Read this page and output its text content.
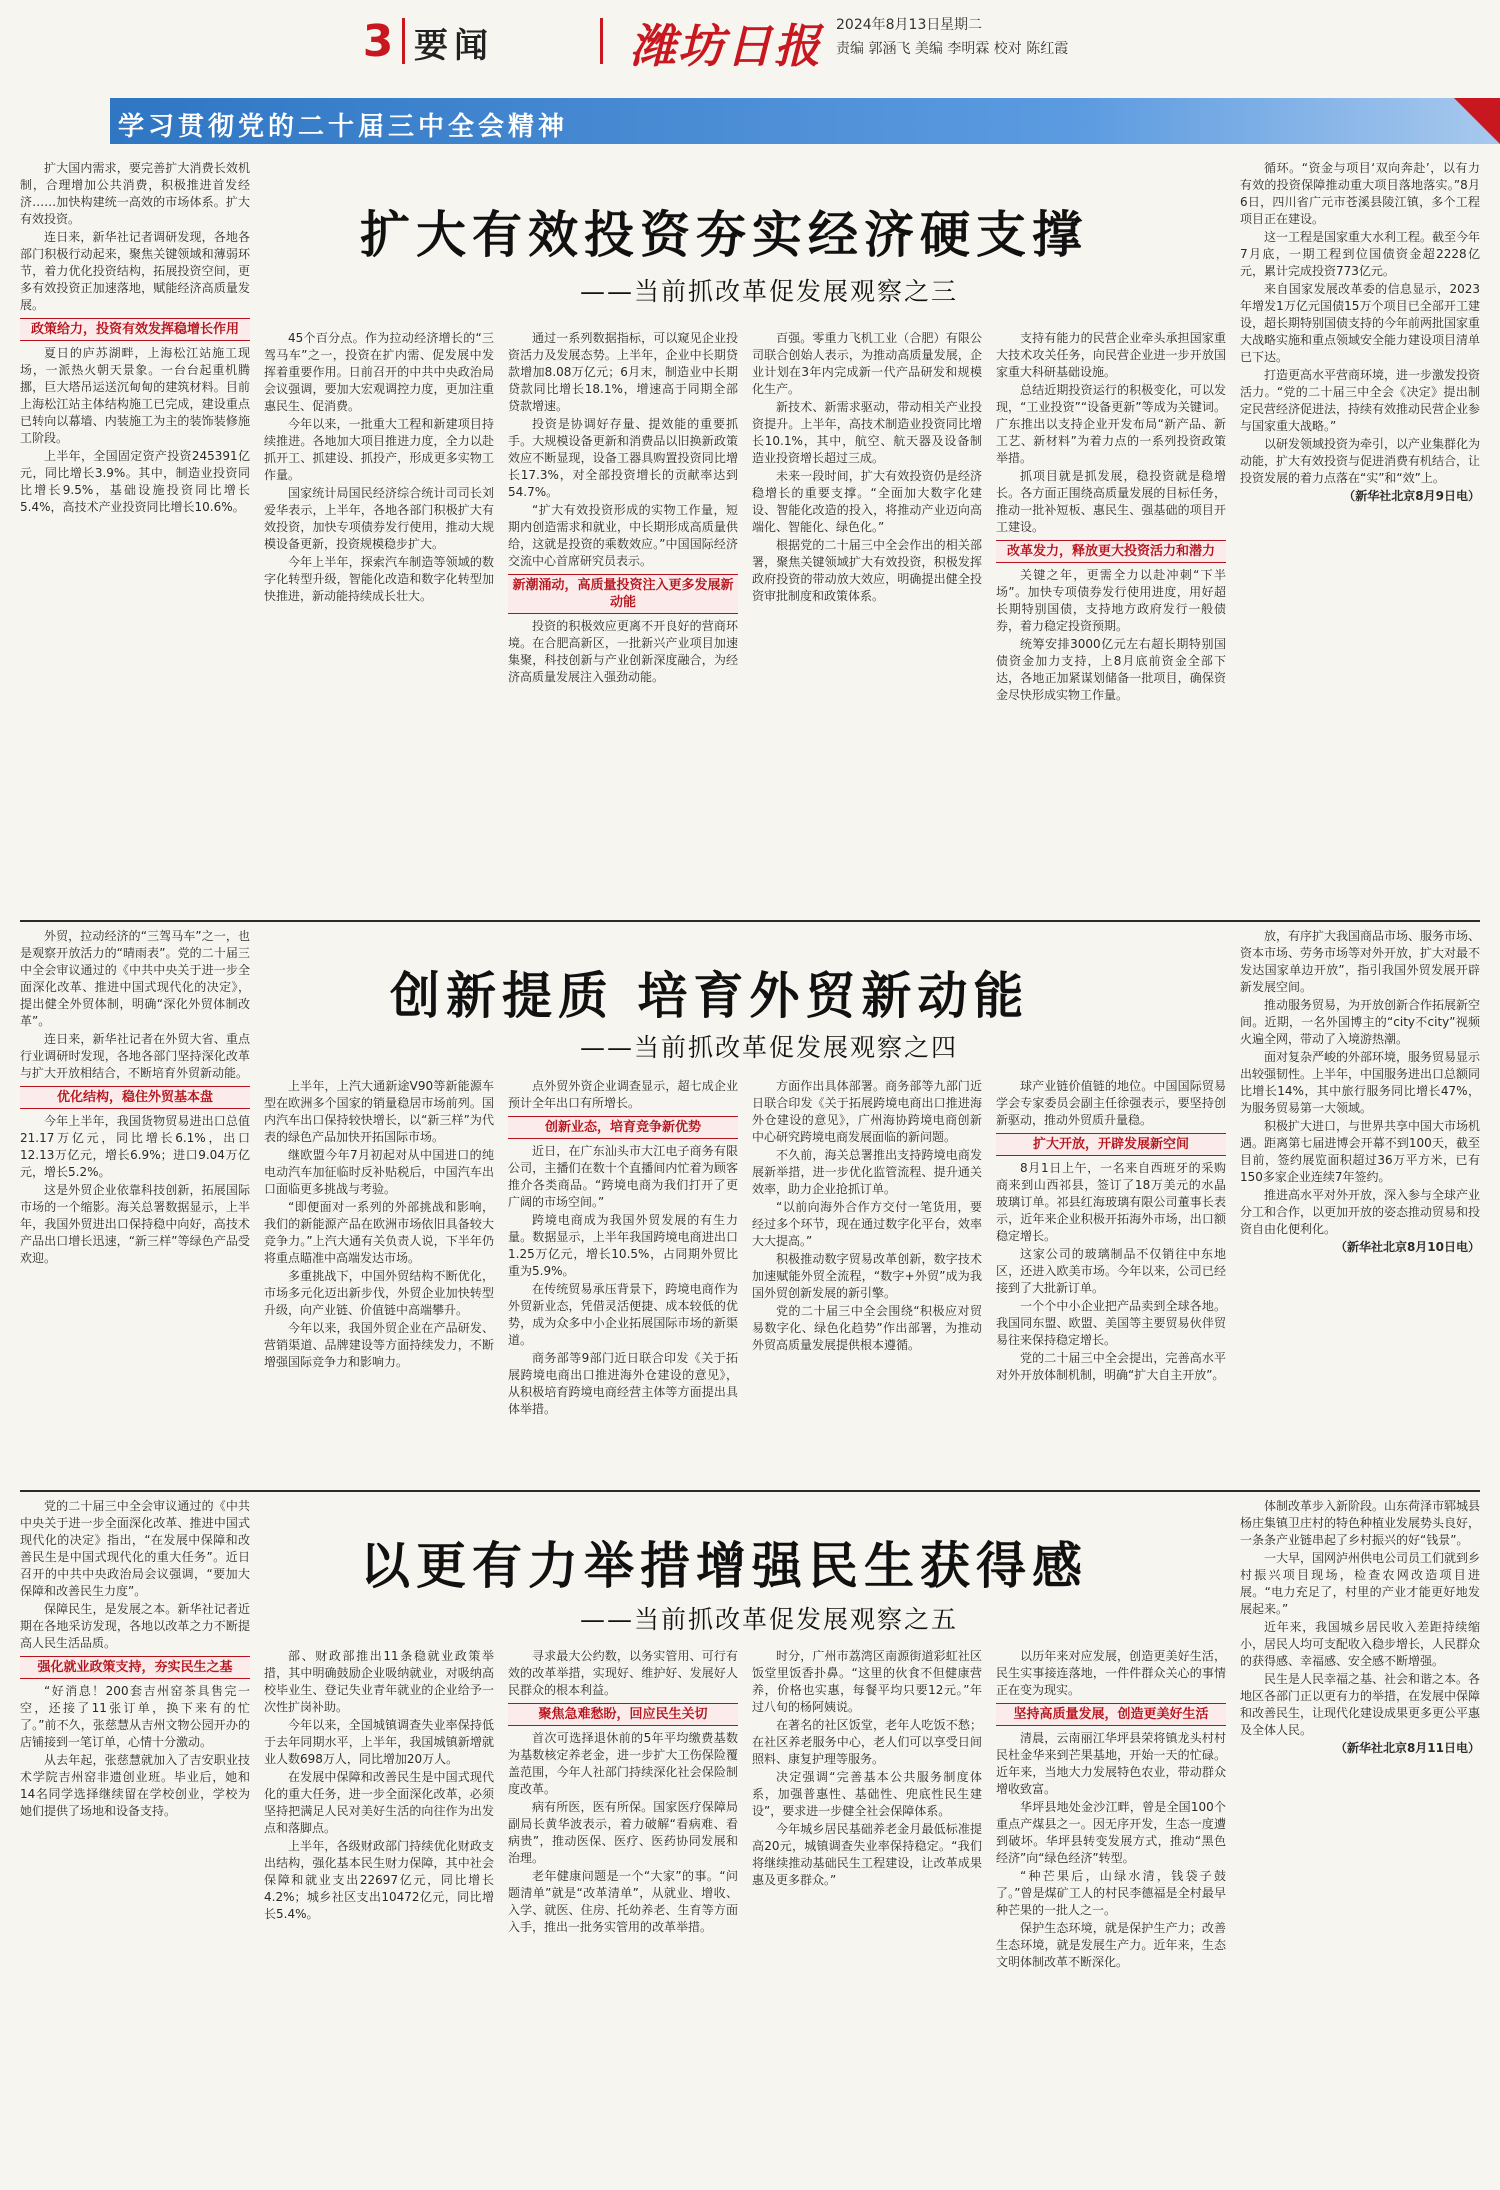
3 要闻	潍坊日报 2024年8月13日 星期二
责编 郭涵飞 美编 李明霖 校对 陈红霞
学习贯彻党的二十届三中全会精神
扩大有效投资夯实经济硬支撑
——当前抓改革促发展观察之三

扩大国内需求，要完善扩大消费长效机制，合理增加公共消费，积极推进首发经济……加快构建统一高效的市场体系。扩大有效投资。

连日来，新华社记者调研发现，各地各部门积极行动起来，聚焦关键领域和薄弱环节，着力优化投资结构，拓展投资空间，更多有效投资正加速落地，赋能经济高质量发展。

政策给力，投资有效发挥稳增长作用

夏日的庐苏湖畔，上海松江站施工现场，一派热火朝天景象。一台台起重机腾挪，巨大塔吊运送沉甸甸的建筑材料。目前上海松江站主体结构施工已完成，建设重点已转向以幕墙、内装施工为主的装饰装修施工阶段。

上半年，全国固定资产投资245391亿元，同比增长3.9%。其中，制造业投资同比增长9.5%，基础设施投资同比增长5.4%，高技术产业投资同比增长10.6%。

45个百分点。作为拉动经济增长的“三驾马车”之一，投资在扩内需、促发展中发挥着重要作用。日前召开的中共中央政治局会议强调，要加大宏观调控力度，更加注重惠民生、促消费。

今年以来，一批重大工程和新建项目持续推进。各地加大项目推进力度，全力以赴抓开工、抓建设、抓投产，形成更多实物工作量。

国家统计局国民经济综合统计司司长刘爱华表示，上半年，各地各部门积极扩大有效投资，加快专项债券发行使用，推动大规模设备更新，投资规模稳步扩大。

今年上半年，探索汽车制造等领域的数字化转型升级，智能化改造和数字化转型加快推进，新动能持续成长壮大。

通过一系列数据指标，可以窥见企业投资活力及发展态势。上半年，企业中长期贷款增加8.08万亿元；6月末，制造业中长期贷款同比增长18.1%，增速高于同期全部贷款增速。

投资是协调好存量、提效能的重要抓手。大规模设备更新和消费品以旧换新政策效应不断显现，设备工器具购置投资同比增长17.3%，对全部投资增长的贡献率达到54.7%。

“扩大有效投资形成的实物工作量，短期内创造需求和就业，中长期形成高质量供给，这就是投资的乘数效应。”中国国际经济交流中心首席研究员表示。

新潮涌动，高质量投资注入更多发展新动能

投资的积极效应更离不开良好的营商环境。在合肥高新区，一批新兴产业项目加速集聚，科技创新与产业创新深度融合，为经济高质量发展注入强劲动能。

百强。零重力飞机工业（合肥）有限公司联合创始人表示，为推动高质量发展，企业计划在3年内完成新一代产品研发和规模化生产。

新技术、新需求驱动，带动相关产业投资提升。上半年，高技术制造业投资同比增长10.1%，其中，航空、航天器及设备制造业投资增长超过三成。

未来一段时间，扩大有效投资仍是经济稳增长的重要支撑。“全面加大数字化建设、智能化改造的投入，将推动产业迈向高端化、智能化、绿色化。”

根据党的二十届三中全会作出的相关部署，聚焦关键领域扩大有效投资，积极发挥政府投资的带动放大效应，明确提出健全投资审批制度和政策体系。

支持有能力的民营企业牵头承担国家重大技术攻关任务，向民营企业进一步开放国家重大科研基础设施。

总结近期投资运行的积极变化，可以发现，“工业投资”“设备更新”等成为关键词。广东推出以支持企业开发布局“新产品、新工艺、新材料”为着力点的一系列投资政策举措。

抓项目就是抓发展，稳投资就是稳增长。各方面正围绕高质量发展的目标任务，推动一批补短板、惠民生、强基础的项目开工建设。

改革发力，释放更大投资活力和潜力

关键之年，更需全力以赴冲刺“下半场”。加快专项债券发行使用进度，用好超长期特别国债，支持地方政府发行一般债券，着力稳定投资预期。

统筹安排3000亿元左右超长期特别国债资金加力支持，上8月底前资金全部下达，各地正加紧谋划储备一批项目，确保资金尽快形成实物工作量。

循环。“资金与项目‘双向奔赴’，以有力有效的投资保障推动重大项目落地落实。”8月6日，四川省广元市苍溪县陵江镇，多个工程项目正在建设。

这一工程是国家重大水利工程。截至今年7月底，一期工程到位国债资金超2228亿元，累计完成投资773亿元。

来自国家发展改革委的信息显示，2023年增发1万亿元国债15万个项目已全部开工建设，超长期特别国债支持的今年前两批国家重大战略实施和重点领域安全能力建设项目清单已下达。

打造更高水平营商环境，进一步激发投资活力。“党的二十届三中全会《决定》提出制定民营经济促进法，持续有效推动民营企业参与国家重大战略。”

以研发领域投资为牵引，以产业集群化为动能，扩大有效投资与促进消费有机结合，让投资发展的着力点落在“实”和“效”上。

（新华社北京8月9日电）

创新提质 培育外贸新动能
——当前抓改革促发展观察之四

外贸，拉动经济的“三驾马车”之一，也是观察开放活力的“晴雨表”。党的二十届三中全会审议通过的《中共中央关于进一步全面深化改革、推进中国式现代化的决定》，提出健全外贸体制，明确“深化外贸体制改革”。

连日来，新华社记者在外贸大省、重点行业调研时发现，各地各部门坚持深化改革与扩大开放相结合，不断培育外贸新动能。

优化结构，稳住外贸基本盘

今年上半年，我国货物贸易进出口总值21.17万亿元，同比增长6.1%，出口12.13万亿元，增长6.9%；进口9.04万亿元，增长5.2%。

这是外贸企业依靠科技创新，拓展国际市场的一个缩影。海关总署数据显示，上半年，我国外贸进出口保持稳中向好，高技术产品出口增长迅速，“新三样”等绿色产品受欢迎。

上半年，上汽大通新途V90等新能源车型在欧洲多个国家的销量稳居市场前列。国内汽车出口保持较快增长，以“新三样”为代表的绿色产品加快开拓国际市场。

继欧盟今年7月初起对从中国进口的纯电动汽车加征临时反补贴税后，中国汽车出口面临更多挑战与考验。

“即便面对一系列的外部挑战和影响，我们的新能源产品在欧洲市场依旧具备较大竞争力。”上汽大通有关负责人说，下半年仍将重点瞄准中高端发达市场。

多重挑战下，中国外贸结构不断优化，市场多元化迈出新步伐，外贸企业加快转型升级，向产业链、价值链中高端攀升。

今年以来，我国外贸企业在产品研发、营销渠道、品牌建设等方面持续发力，不断增强国际竞争力和影响力。

点外贸外资企业调查显示，超七成企业预计全年出口有所增长。

创新业态，培育竞争新优势

近日，在广东汕头市大江电子商务有限公司，主播们在数十个直播间内忙着为顾客推介各类商品。“跨境电商为我们打开了更广阔的市场空间。”

跨境电商成为我国外贸发展的有生力量。数据显示，上半年我国跨境电商进出口1.25万亿元，增长10.5%，占同期外贸比重为5.9%。

在传统贸易承压背景下，跨境电商作为外贸新业态，凭借灵活便捷、成本较低的优势，成为众多中小企业拓展国际市场的新渠道。

商务部等9部门近日联合印发《关于拓展跨境电商出口推进海外仓建设的意见》，从积极培育跨境电商经营主体等方面提出具体举措。

方面作出具体部署。商务部等九部门近日联合印发《关于拓展跨境电商出口推进海外仓建设的意见》，广州海协跨境电商创新中心研究跨境电商发展面临的新问题。

不久前，海关总署推出支持跨境电商发展新举措，进一步优化监管流程、提升通关效率，助力企业抢抓订单。

“以前向海外合作方交付一笔货用，要经过多个环节，现在通过数字化平台，效率大大提高。”

积极推动数字贸易改革创新，数字技术加速赋能外贸全流程，“数字+外贸”成为我国外贸创新发展的新引擎。

党的二十届三中全会围绕“积极应对贸易数字化、绿色化趋势”作出部署，为推动外贸高质量发展提供根本遵循。

球产业链价值链的地位。中国国际贸易学会专家委员会副主任徐强表示，要坚持创新驱动，推动外贸质升量稳。

扩大开放，开辟发展新空间

8月1日上午，一名来自西班牙的采购商来到山西祁县，签订了18万美元的水晶玻璃订单。祁县红海玻璃有限公司董事长表示，近年来企业积极开拓海外市场，出口额稳定增长。

这家公司的玻璃制品不仅销往中东地区，还进入欧美市场。今年以来，公司已经接到了大批新订单。

一个个中小企业把产品卖到全球各地。我国同东盟、欧盟、美国等主要贸易伙伴贸易往来保持稳定增长。

党的二十届三中全会提出，完善高水平对外开放体制机制，明确“扩大自主开放”。

放，有序扩大我国商品市场、服务市场、资本市场、劳务市场等对外开放，扩大对最不发达国家单边开放”，指引我国外贸发展开辟新发展空间。

推动服务贸易，为开放创新合作拓展新空间。近期，一名外国博主的“city不city”视频火遍全网，带动了入境游热潮。

面对复杂严峻的外部环境，服务贸易显示出较强韧性。上半年，中国服务进出口总额同比增长14%，其中旅行服务同比增长47%，为服务贸易第一大领域。

积极扩大进口，与世界共享中国大市场机遇。距离第七届进博会开幕不到100天，截至目前，签约展览面积超过36万平方米，已有150多家企业连续7年签约。

推进高水平对外开放，深入参与全球产业分工和合作，以更加开放的姿态推动贸易和投资自由化便利化。

（新华社北京8月10日电）

以更有力举措增强民生获得感
——当前抓改革促发展观察之五

党的二十届三中全会审议通过的《中共中央关于进一步全面深化改革、推进中国式现代化的决定》指出，“在发展中保障和改善民生是中国式现代化的重大任务”。近日召开的中共中央政治局会议强调，“要加大保障和改善民生力度”。

保障民生，是发展之本。新华社记者近期在各地采访发现，各地以改革之力不断提高人民生活品质。

强化就业政策支持，夯实民生之基

“好消息！200套吉州窑茶具售完一空，还接了11张订单，换下来有的忙了。”前不久，张慈慧从吉州文物公园开办的店铺接到一笔订单，心情十分激动。

从去年起，张慈慧就加入了吉安职业技术学院吉州窑非遗创业班。毕业后，她和14名同学选择继续留在学校创业，学校为她们提供了场地和设备支持。

部、财政部推出11条稳就业政策举措，其中明确鼓励企业吸纳就业，对吸纳高校毕业生、登记失业青年就业的企业给予一次性扩岗补助。

今年以来，全国城镇调查失业率保持低于去年同期水平，上半年，我国城镇新增就业人数698万人，同比增加20万人。

在发展中保障和改善民生是中国式现代化的重大任务，进一步全面深化改革，必须坚持把满足人民对美好生活的向往作为出发点和落脚点。

上半年，各级财政部门持续优化财政支出结构，强化基本民生财力保障，其中社会保障和就业支出22697亿元，同比增长4.2%；城乡社区支出10472亿元，同比增长5.4%。

寻求最大公约数，以务实管用、可行有效的改革举措，实现好、维护好、发展好人民群众的根本利益。

聚焦急难愁盼，回应民生关切

首次可选择退休前的5年平均缴费基数为基数核定养老金，进一步扩大工伤保险覆盖范围，今年人社部门持续深化社会保险制度改革。

病有所医，医有所保。国家医疗保障局副局长黄华波表示，着力破解“看病难、看病贵”，推动医保、医疗、医药协同发展和治理。

老年健康问题是一个“大家”的事。“问题清单”就是“改革清单”，从就业、增收、入学、就医、住房、托幼养老、生育等方面入手，推出一批务实管用的改革举措。

时分，广州市荔湾区南源街道彩虹社区饭堂里饭香扑鼻。“这里的伙食不但健康营养，价格也实惠，每餐平均只要12元。”年过八旬的杨阿姨说。

在著名的社区饭堂，老年人吃饭不愁；在社区养老服务中心，老人们可以享受日间照料、康复护理等服务。

决定强调“完善基本公共服务制度体系，加强普惠性、基础性、兜底性民生建设”，要求进一步健全社会保障体系。

今年城乡居民基础养老金月最低标准提高20元，城镇调查失业率保持稳定。“我们将继续推动基础民生工程建设，让改革成果惠及更多群众。”

以历年来对应发展，创造更美好生活，民生实事接连落地，一件件群众关心的事情正在变为现实。

坚持高质量发展，创造更美好生活

清晨，云南丽江华坪县荣将镇龙头村村民杜金华来到芒果基地，开始一天的忙碌。近年来，当地大力发展特色农业，带动群众增收致富。

华坪县地处金沙江畔，曾是全国100个重点产煤县之一。因无序开发，生态一度遭到破坏。华坪县转变发展方式，推动“黑色经济”向“绿色经济”转型。

“种芒果后，山绿水清，钱袋子鼓了。”曾是煤矿工人的村民李德福是全村最早种芒果的一批人之一。

保护生态环境，就是保护生产力；改善生态环境，就是发展生产力。近年来，生态文明体制改革不断深化。

体制改革步入新阶段。山东荷泽市郓城县杨庄集镇卫庄村的特色种植业发展势头良好，一条条产业链串起了乡村振兴的好“钱景”。

一大早，国网泸州供电公司员工们就到乡村振兴项目现场，检查农网改造项目进展。“电力充足了，村里的产业才能更好地发展起来。”

近年来，我国城乡居民收入差距持续缩小，居民人均可支配收入稳步增长，人民群众的获得感、幸福感、安全感不断增强。

民生是人民幸福之基、社会和谐之本。各地区各部门正以更有力的举措，在发展中保障和改善民生，让现代化建设成果更多更公平惠及全体人民。

（新华社北京8月11日电）
